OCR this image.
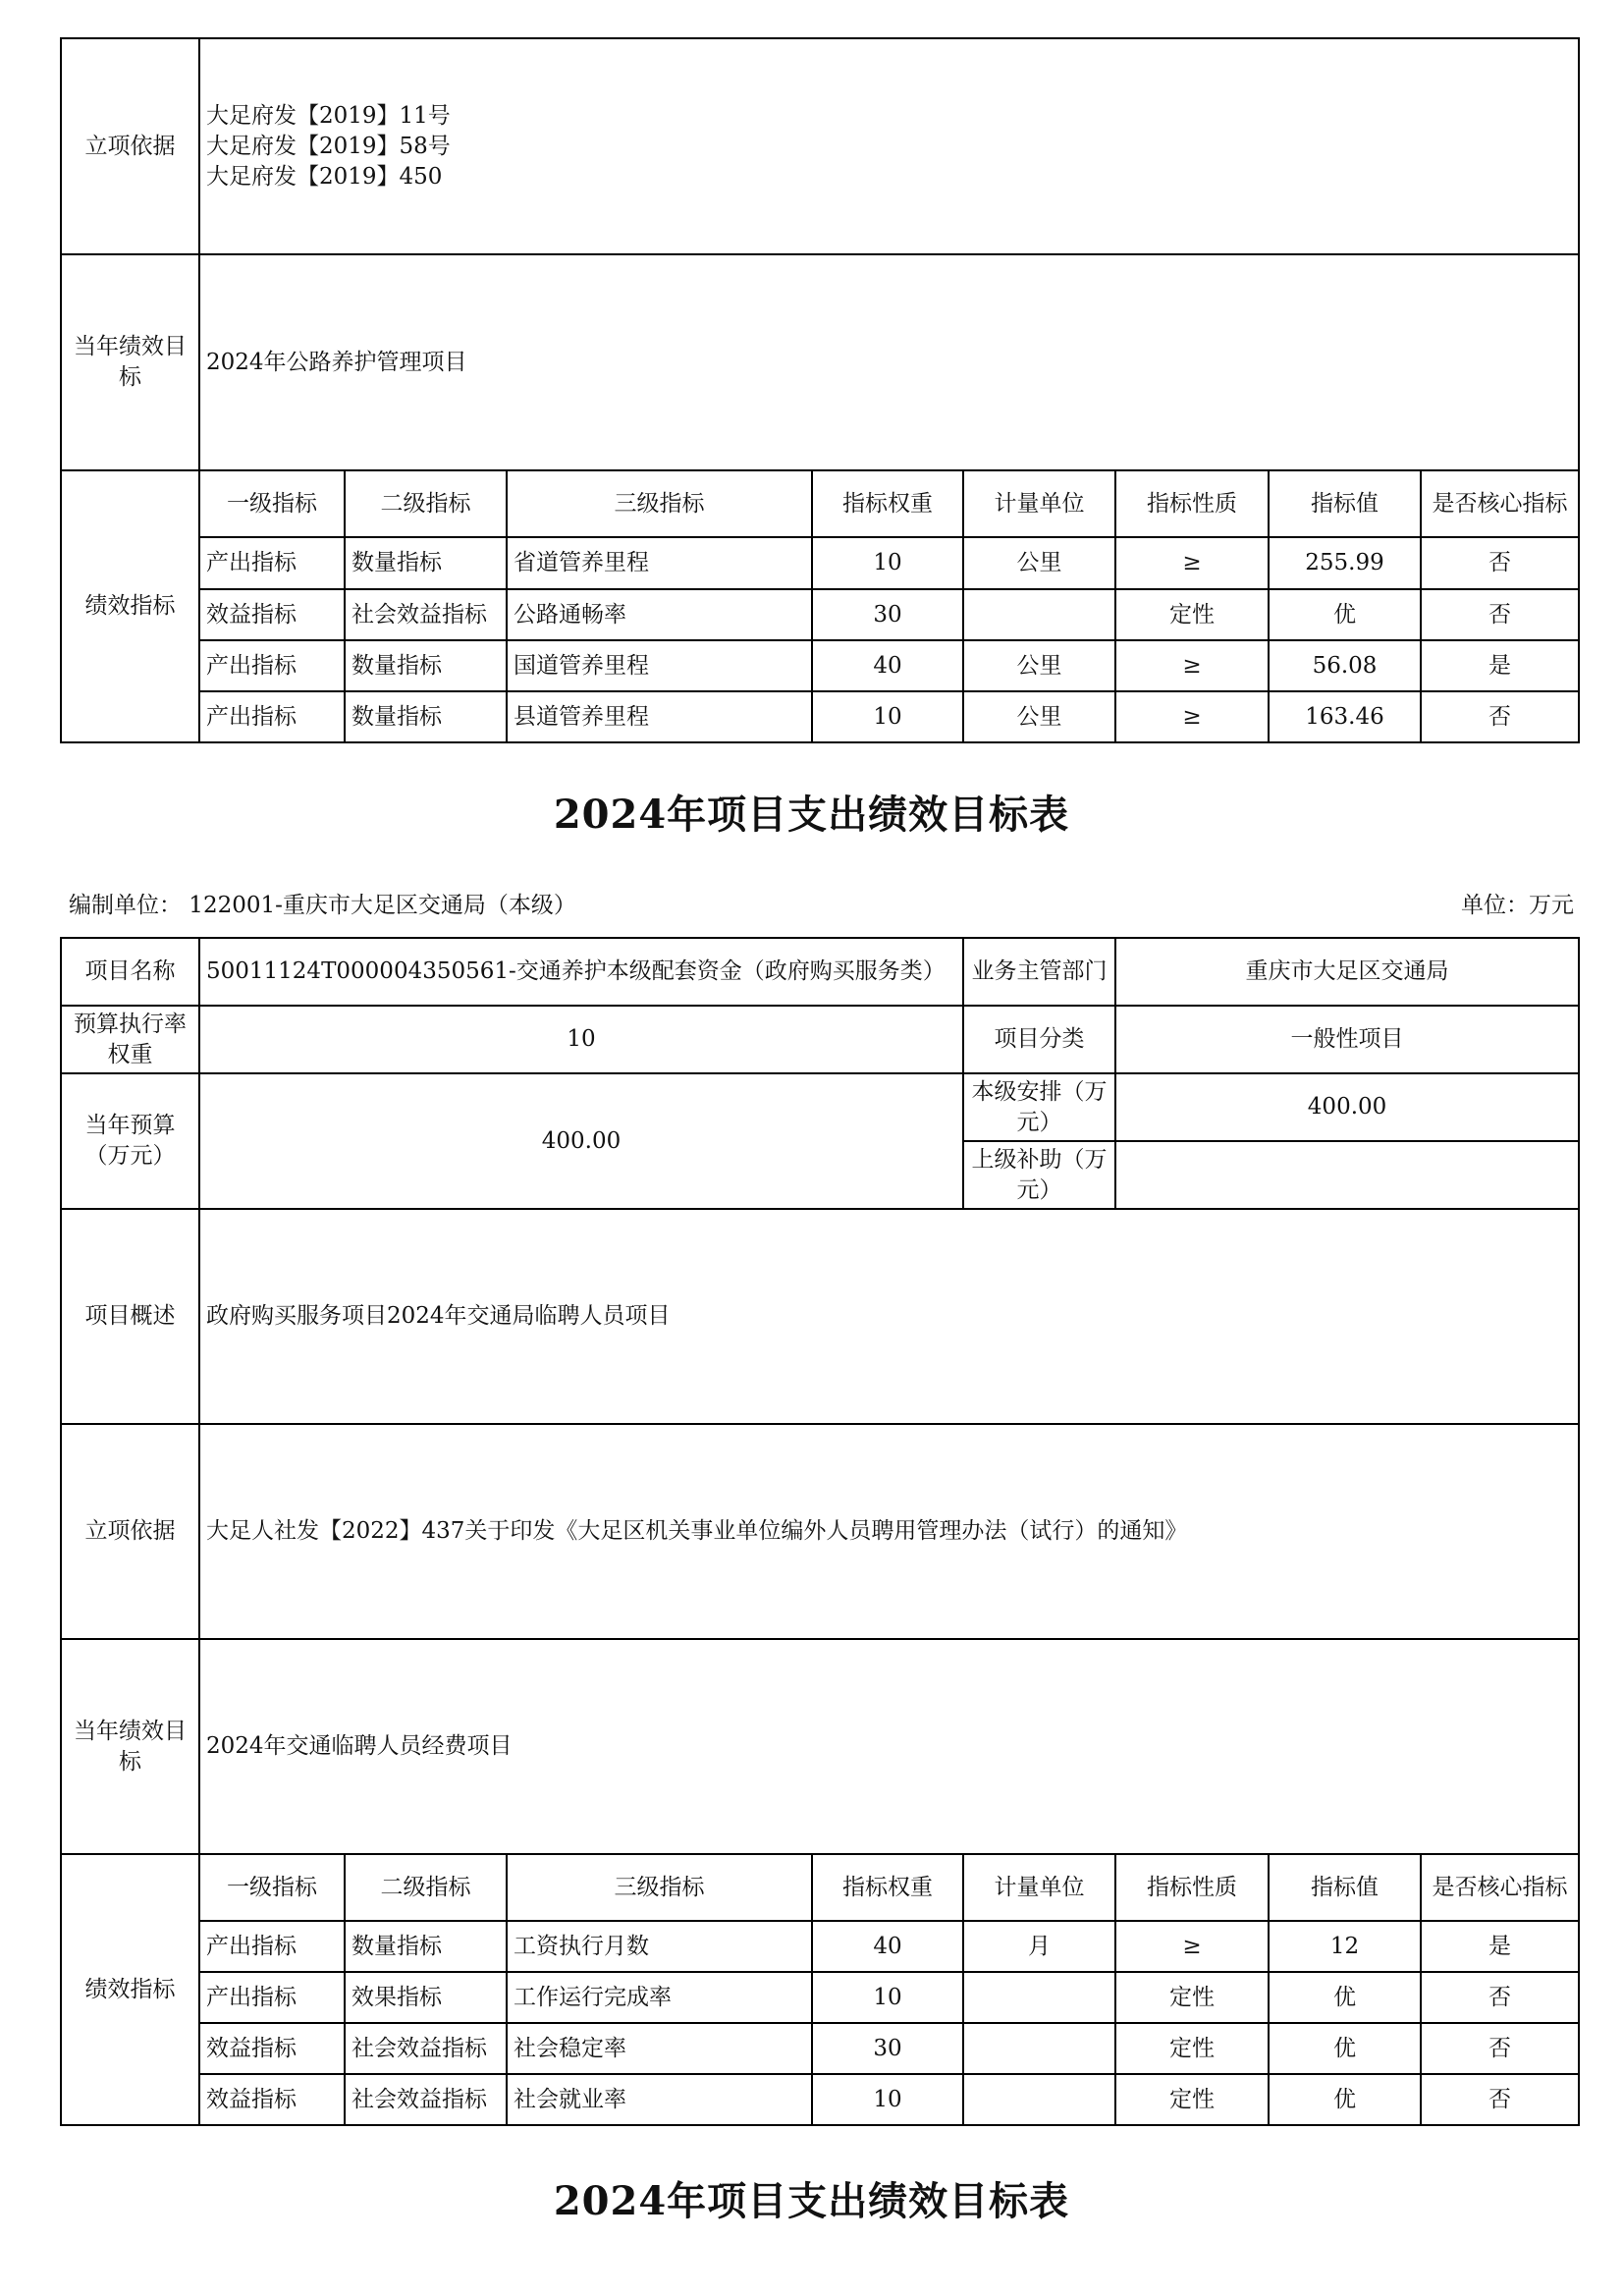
立项依据	大足府发【2019】11号
大足府发【2019】58号
大足府发【2019】450							

当年绩效目标	2024年公路养护管理项目							
绩效指标	一级指标	二级指标	三级指标	指标权重	计量单位	指标性质	指标值	是否核心指标
	产出指标	数量指标	省道管养里程	10	公里	≥	255.99	否
	效益指标	社会效益指标	公路通畅率	30		定性	优	否
	产出指标	数量指标	国道管养里程	40	公里	≥	56.08	是
	产出指标	数量指标	县道管养里程	10	公里	≥	163.46	否
2024年项目支出绩效目标表
编制单位： 122001-重庆市大足区交通局（本级）	单位：万元
项目名称	50011124T000004350561-交通养护本级配套资金（政府购买服务类）				业务主管部门	重庆市大足区交通局		
预算执行率权重	10				项目分类	一般性项目		
当年预算（万元）	400.00				本级安排（万元）	400.00		
					上级补助（万元）			
项目概述	政府购买服务项目2024年交通局临聘人员项目							
立项依据	大足人社发【2022】437关于印发《大足区机关事业单位编外人员聘用管理办法（试行）的通知》							
当年绩效目标	2024年交通临聘人员经费项目							
绩效指标	一级指标	二级指标	三级指标	指标权重	计量单位	指标性质	指标值	是否核心指标
	产出指标	数量指标	工资执行月数	40	月	≥	12	是
	产出指标	效果指标	工作运行完成率	10		定性	优	否
	效益指标	社会效益指标	社会稳定率	30		定性	优	否
	效益指标	社会效益指标	社会就业率	10		定性	优	否
2024年项目支出绩效目标表
